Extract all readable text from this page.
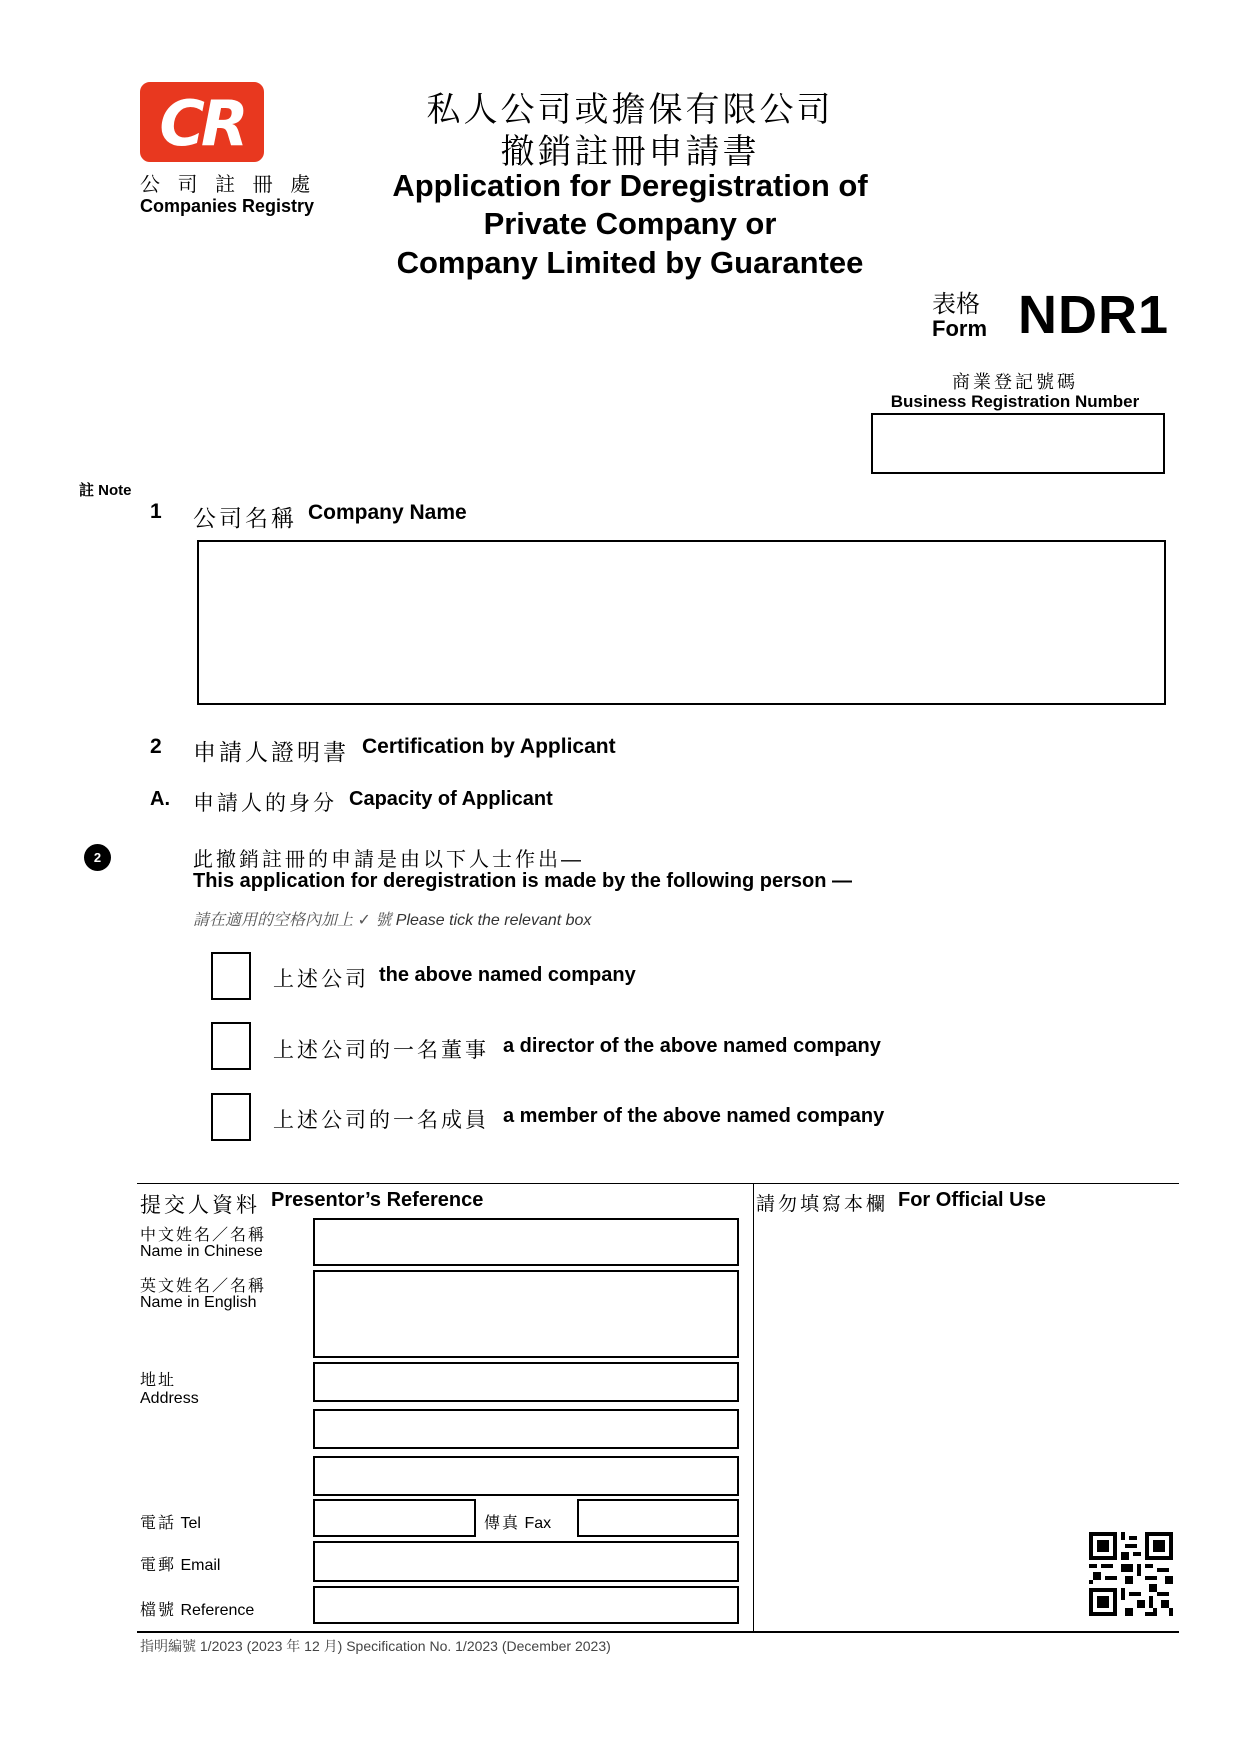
CR
公 司 註 冊 處
Companies Registry
私人公司或擔保有限公司
撤銷註冊申請書
Application for Deregistration of
Private Company or
Company Limited by Guarantee
表格
Form NDR1
商業登記號碼
Business Registration Number
註 Note
1 公司名稱 Company Name
2 申請人證明書 Certification by Applicant
A. 申請人的身分 Capacity of Applicant
2	此撤銷註冊的申請是由以下人士作出—
This application for deregistration is made by the following person —
請在適用的空格內加上 ✓ 號 Please tick the relevant box
上述公司 the above named company
上述公司的一名董事 a director of the above named company
上述公司的一名成員 a member of the above named company
提交人資料 Presentor’s Reference
中文姓名／名稱
Name in Chinese
英文姓名／名稱
Name in English
地址
Address
電話 Tel	傳真 Fax
電郵 Email
檔號 Reference
請勿填寫本欄 For Official Use
指明編號 1/2023 (2023 年 12 月) Specification No. 1/2023 (December 2023)
